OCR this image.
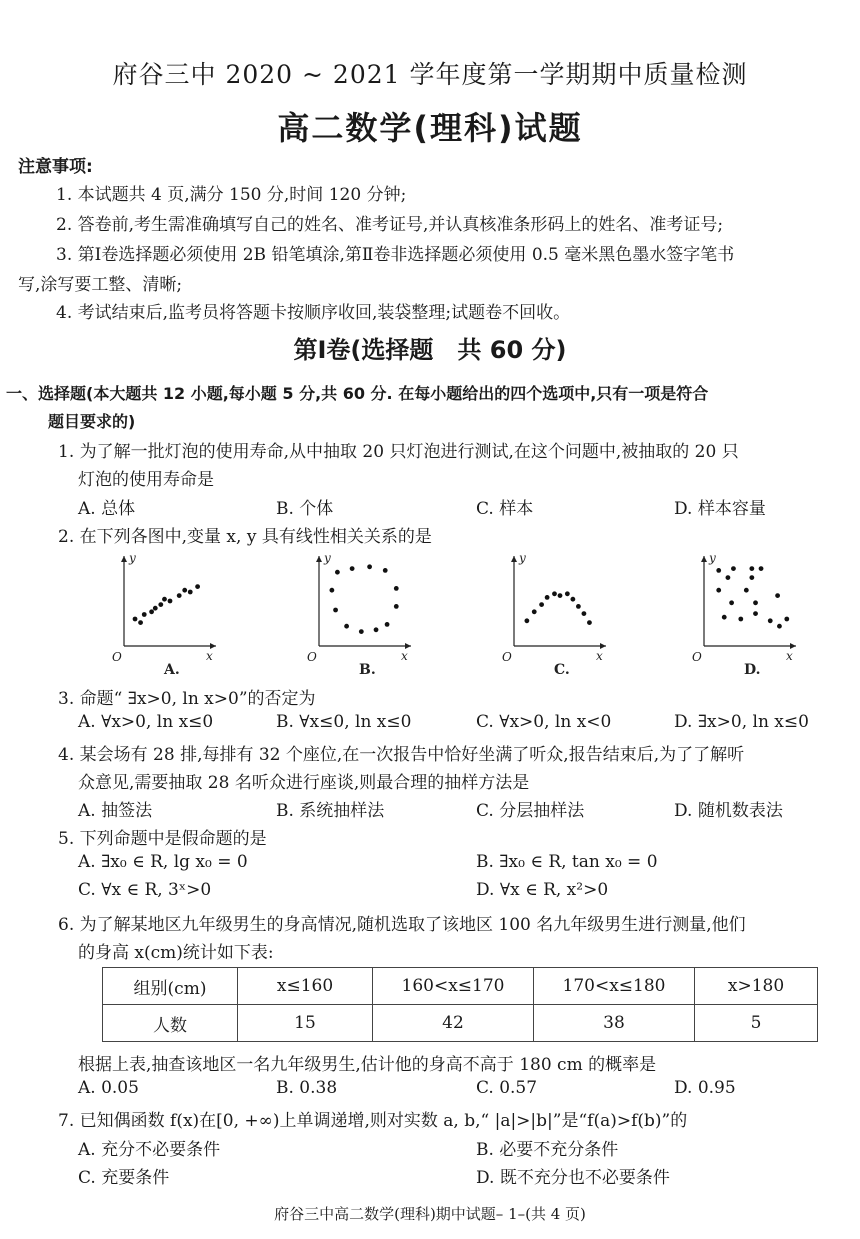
府谷三中 2020 ~ 2021 学年度第一学期期中质量检测
高二数学(理科)试题
注意事项:
1. 本试题共 4 页,满分 150 分,时间 120 分钟;
2. 答卷前,考生需准确填写自己的姓名、准考证号,并认真核准条形码上的姓名、准考证号;
3. 第Ⅰ卷选择题必须使用 2B 铅笔填涂,第Ⅱ卷非选择题必须使用 0.5 毫米黑色墨水签字笔书
写,涂写要工整、清晰;
4. 考试结束后,监考员将答题卡按顺序收回,装袋整理;试题卷不回收。
第Ⅰ卷(选择题　共 60 分)
一、选择题(本大题共 12 小题,每小题 5 分,共 60 分. 在每小题给出的四个选项中,只有一项是符合
题目要求的)
1. 为了解一批灯泡的使用寿命,从中抽取 20 只灯泡进行测试,在这个问题中,被抽取的 20 只
灯泡的使用寿命是
A. 总体	B. 个体	C. 样本	D. 样本容量
2. 在下列各图中,变量 x, y 具有线性相关关系的是
y
x
O
A.
y
x
O
B.
y
x
O
C.
y
x
O
D.
3. 命题“ ∃x>0, ln x>0”的否定为
A. ∀x>0, ln x≤0	B. ∀x≤0, ln x≤0	C. ∀x>0, ln x<0	D. ∃x>0, ln x≤0
4. 某会场有 28 排,每排有 32 个座位,在一次报告中恰好坐满了听众,报告结束后,为了了解听
众意见,需要抽取 28 名听众进行座谈,则最合理的抽样方法是
A. 抽签法	B. 系统抽样法	C. 分层抽样法	D. 随机数表法
5. 下列命题中是假命题的是
A. ∃x₀ ∈ R, lg x₀ = 0	B. ∃x₀ ∈ R, tan x₀ = 0
C. ∀x ∈ R, 3ˣ>0	D. ∀x ∈ R, x²>0
6. 为了解某地区九年级男生的身高情况,随机选取了该地区 100 名九年级男生进行测量,他们
的身高 x(cm)统计如下表:
组别(cm)	x≤160	160<x≤170	170<x≤180	x>180
人数	15	42	38	5
根据上表,抽查该地区一名九年级男生,估计他的身高不高于 180 cm 的概率是
A. 0.05	B. 0.38	C. 0.57	D. 0.95
7. 已知偶函数 f(x)在[0, +∞)上单调递增,则对实数 a, b,“ |a|>|b|”是“f(a)>f(b)”的
A. 充分不必要条件	B. 必要不充分条件
C. 充要条件	D. 既不充分也不必要条件
府谷三中高二数学(理科)期中试题– 1–(共 4 页)
